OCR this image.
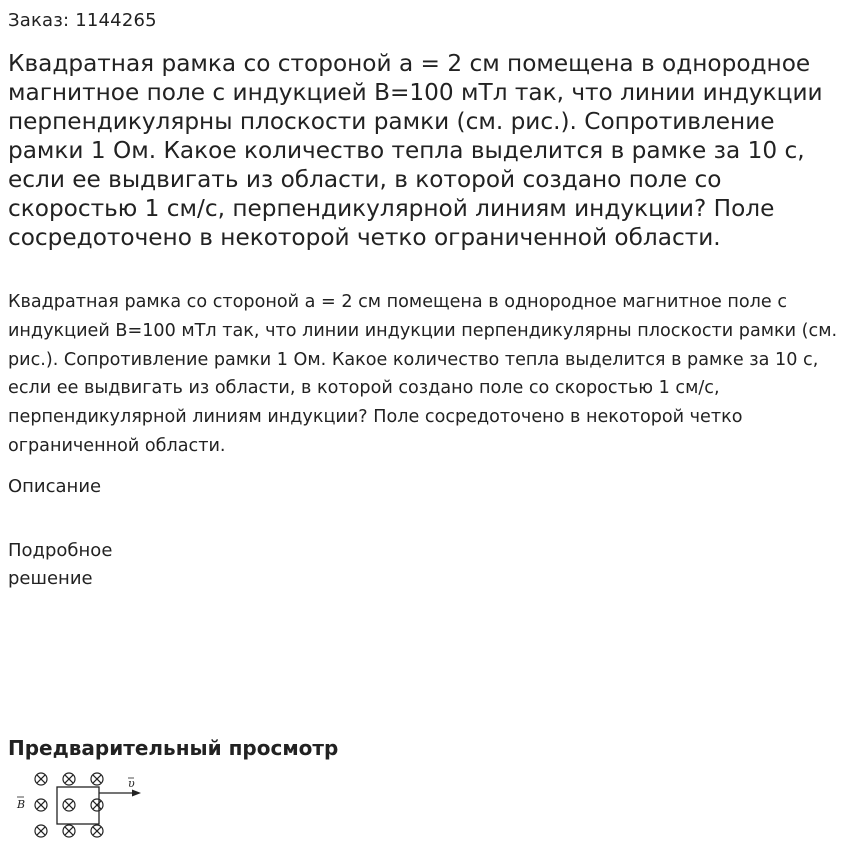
Заказ: 1144265
Квадратная рамка со стороной a = 2 см помещена в однородное магнитное поле с индукцией B=100 мТл так, что линии индукции перпендикулярны плоскости рамки (см. рис.). Сопротивление рамки 1 Ом. Какое количество тепла выделится в рамке за 10 с, если ее выдвигать из области, в которой создано поле со скоростью 1 см/с, перпендикулярной линиям индукции? Поле сосредоточено в некоторой четко ограниченной области.

Квадратная рамка со стороной a = 2 см помещена в однородное магнитное поле с индукцией B=100 мТл так, что линии индукции перпендикулярны плоскости рамки (см. рис.). Сопротивление рамки 1 Ом. Какое количество тепла выделится в рамке за 10 с, если ее выдвигать из области, в которой создано поле со скоростью 1 см/с, перпендикулярной линиям индукции? Поле сосредоточено в некоторой четко ограниченной области.

Описание
Подробное решение
Предварительный просмотр
υ
B
